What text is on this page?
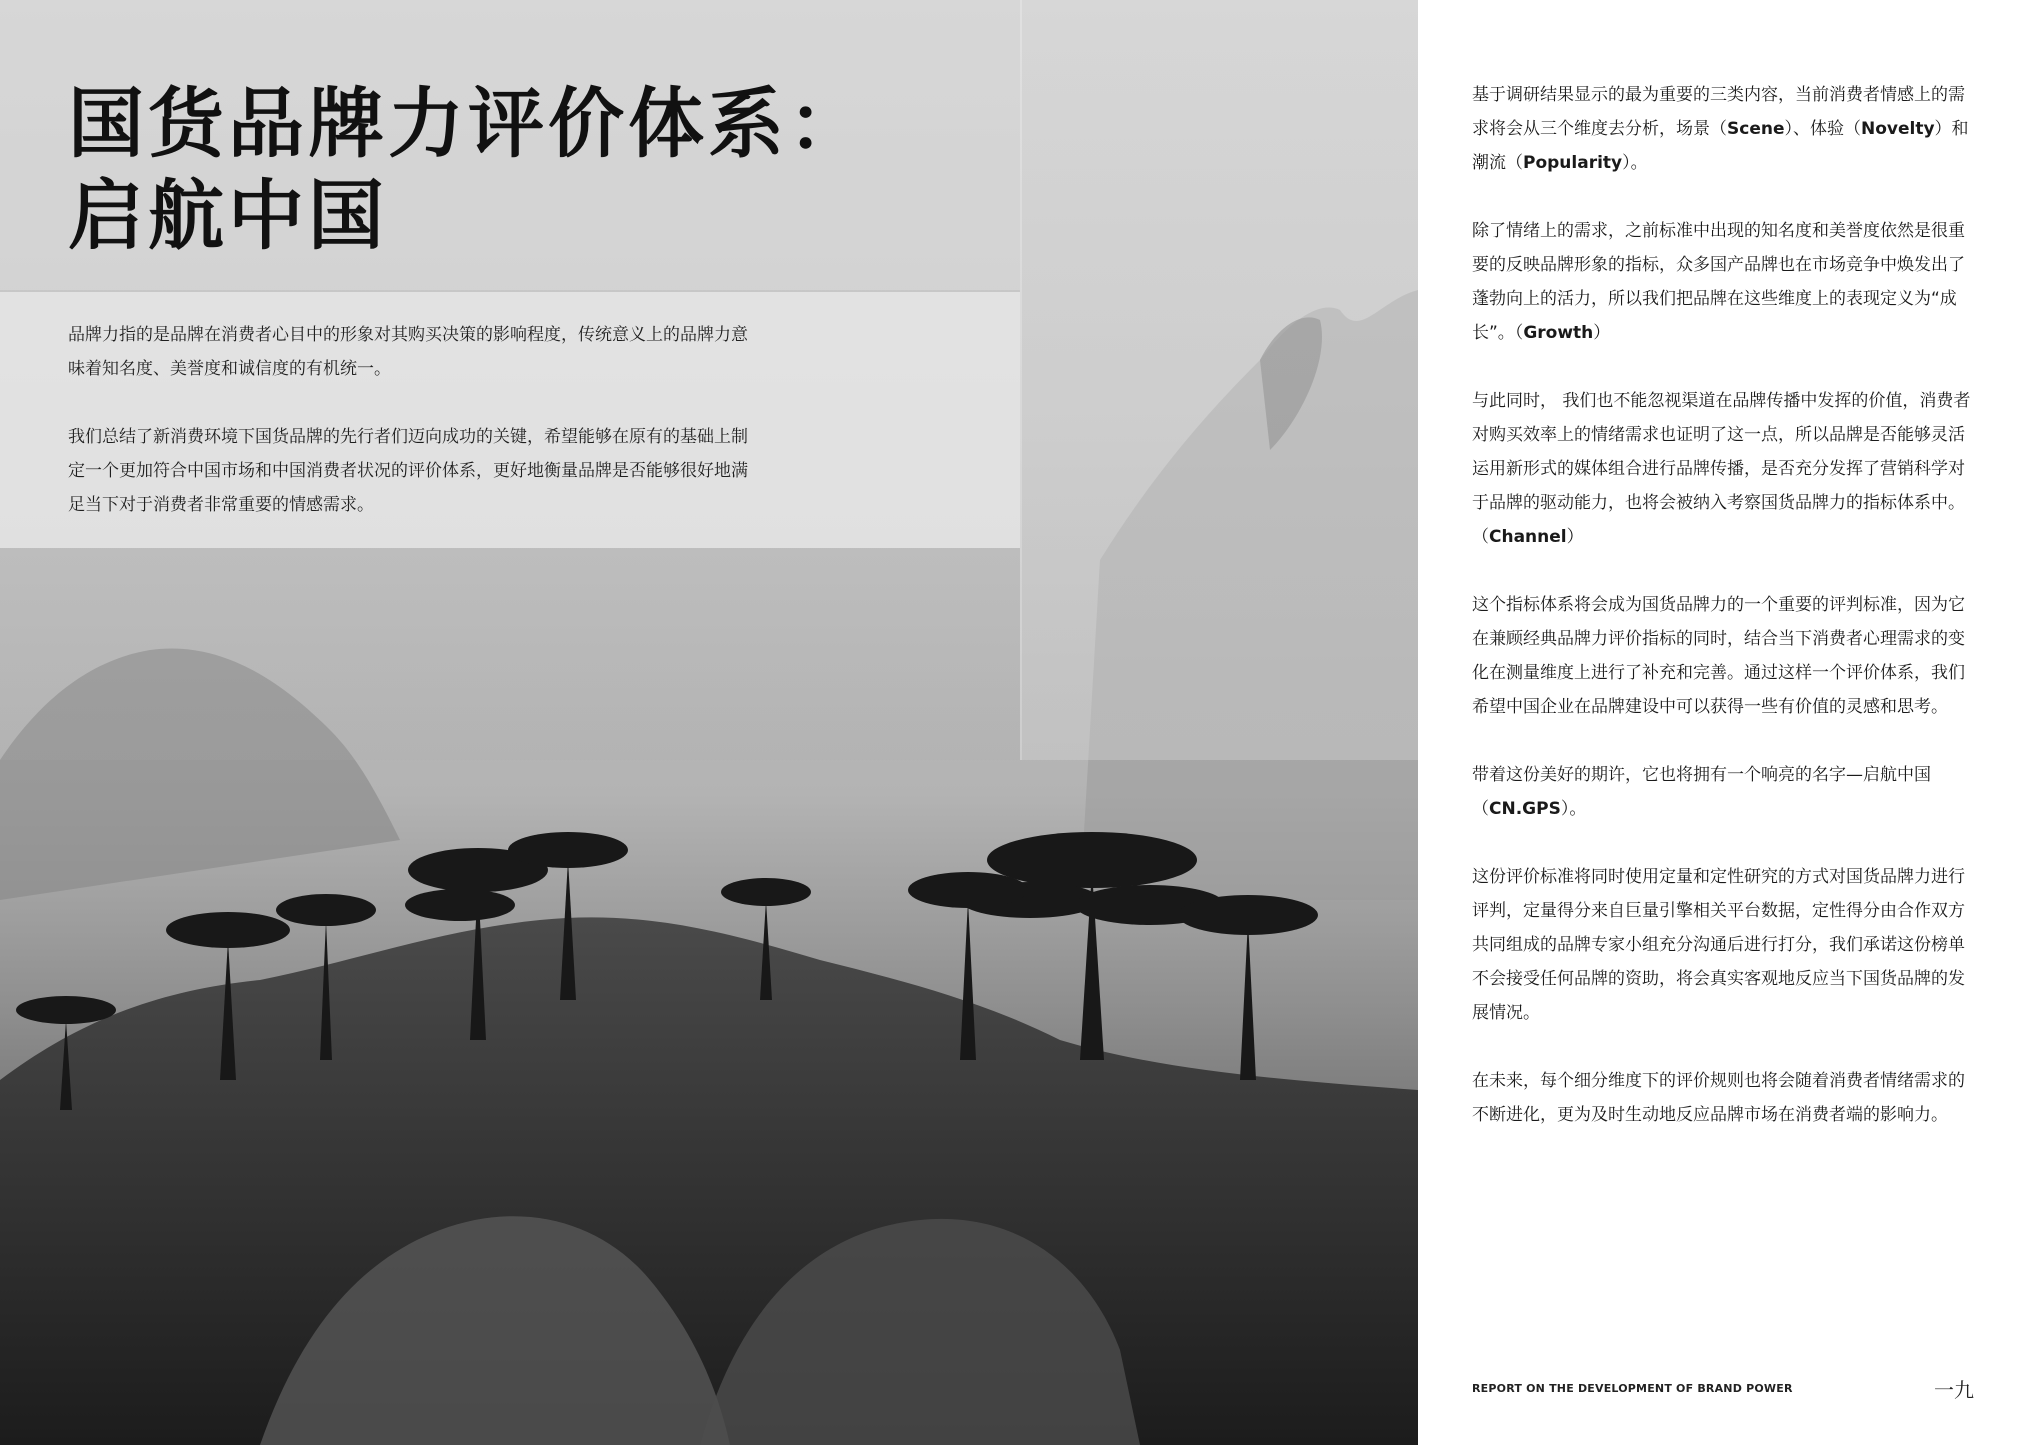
国货品牌力评价体系：
启航中国

品牌力指的是品牌在消费者心目中的形象对其购买决策的影响程度，传统意义上的品牌力意味着知名度、美誉度和诚信度的有机统一。

我们总结了新消费环境下国货品牌的先行者们迈向成功的关键，希望能够在原有的基础上制定一个更加符合中国市场和中国消费者状况的评价体系，更好地衡量品牌是否能够很好地满足当下对于消费者非常重要的情感需求。

基于调研结果显示的最为重要的三类内容，当前消费者情感上的需求将会从三个维度去分析，场景（Scene）、体验（Novelty）和潮流（Popularity）。

除了情绪上的需求，之前标准中出现的知名度和美誉度依然是很重要的反映品牌形象的指标，众多国产品牌也在市场竞争中焕发出了蓬勃向上的活力，所以我们把品牌在这些维度上的表现定义为“成长”。（Growth）

与此同时， 我们也不能忽视渠道在品牌传播中发挥的价值，消费者对购买效率上的情绪需求也证明了这一点，所以品牌是否能够灵活运用新形式的媒体组合进行品牌传播，是否充分发挥了营销科学对于品牌的驱动能力，也将会被纳入考察国货品牌力的指标体系中。（Channel）

这个指标体系将会成为国货品牌力的一个重要的评判标准，因为它在兼顾经典品牌力评价指标的同时，结合当下消费者心理需求的变化在测量维度上进行了补充和完善。通过这样一个评价体系，我们希望中国企业在品牌建设中可以获得一些有价值的灵感和思考。

带着这份美好的期许，它也将拥有一个响亮的名字—启航中国（CN.GPS）。

这份评价标准将同时使用定量和定性研究的方式对国货品牌力进行评判，定量得分来自巨量引擎相关平台数据，定性得分由合作双方共同组成的品牌专家小组充分沟通后进行打分，我们承诺这份榜单不会接受任何品牌的资助，将会真实客观地反应当下国货品牌的发展情况。

在未来，每个细分维度下的评价规则也将会随着消费者情绪需求的不断进化，更为及时生动地反应品牌市场在消费者端的影响力。

REPORT ON THE DEVELOPMENT OF BRAND POWER	一九
